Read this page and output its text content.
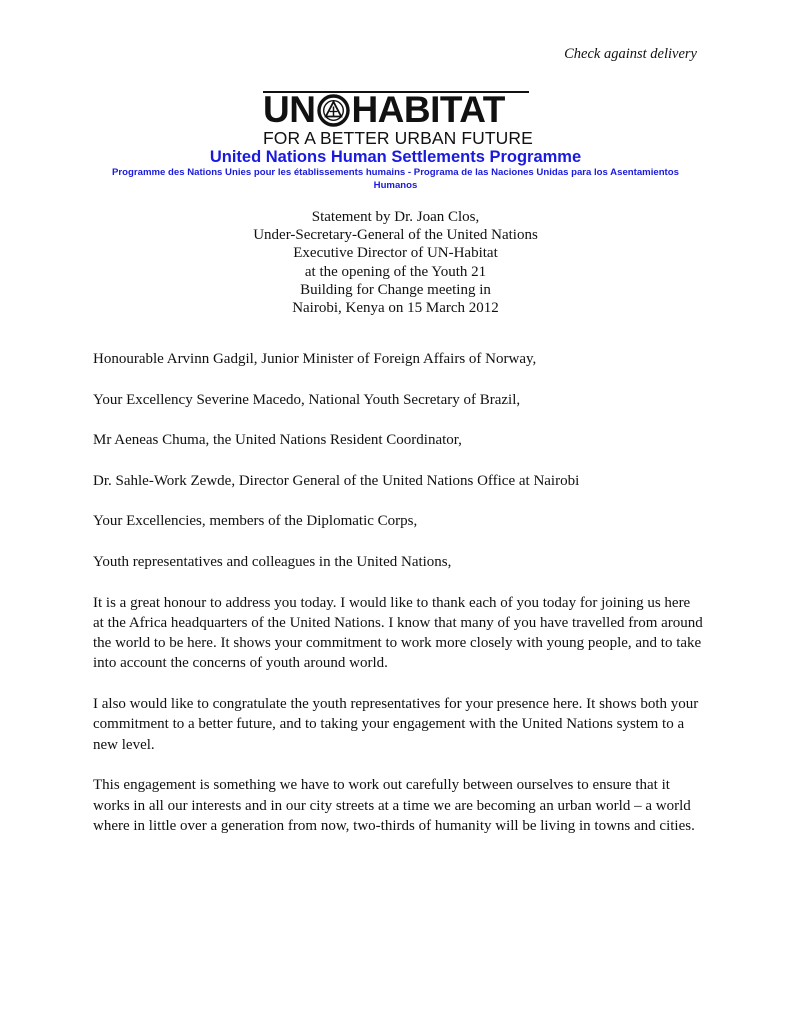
Check against delivery
UN HABITAT
FOR A BETTER URBAN FUTURE
United Nations Human Settlements Programme
Programme des Nations Unies pour les établissements humains - Programa de las Naciones Unidas para los Asentamientos Humanos
Statement by Dr. Joan Clos,
Under-Secretary-General of the United Nations
Executive Director of UN-Habitat
at the opening of the Youth 21
Building for Change meeting in
Nairobi, Kenya on 15 March 2012

Honourable Arvinn Gadgil, Junior Minister of Foreign Affairs of Norway,

Your Excellency Severine Macedo, National Youth Secretary of Brazil,

Mr Aeneas Chuma, the United Nations Resident Coordinator,

Dr. Sahle-Work Zewde, Director General of the United Nations Office at Nairobi

Your Excellencies, members of the Diplomatic Corps,

Youth representatives and colleagues in the United Nations,

It is a great honour to address you today. I would like to thank each of you today for joining us here at the Africa headquarters of the United Nations. I know that many of you have travelled from around the world to be here. It shows your commitment to work more closely with young people, and to take into account the concerns of youth around world.

I also would like to congratulate the youth representatives for your presence here. It shows both your commitment to a better future, and to taking your engagement with the United Nations system to a new level.

This engagement is something we have to work out carefully between ourselves to ensure that it works in all our interests and in our city streets at a time we are becoming an urban world – a world where in little over a generation from now, two-thirds of humanity will be living in towns and cities.
